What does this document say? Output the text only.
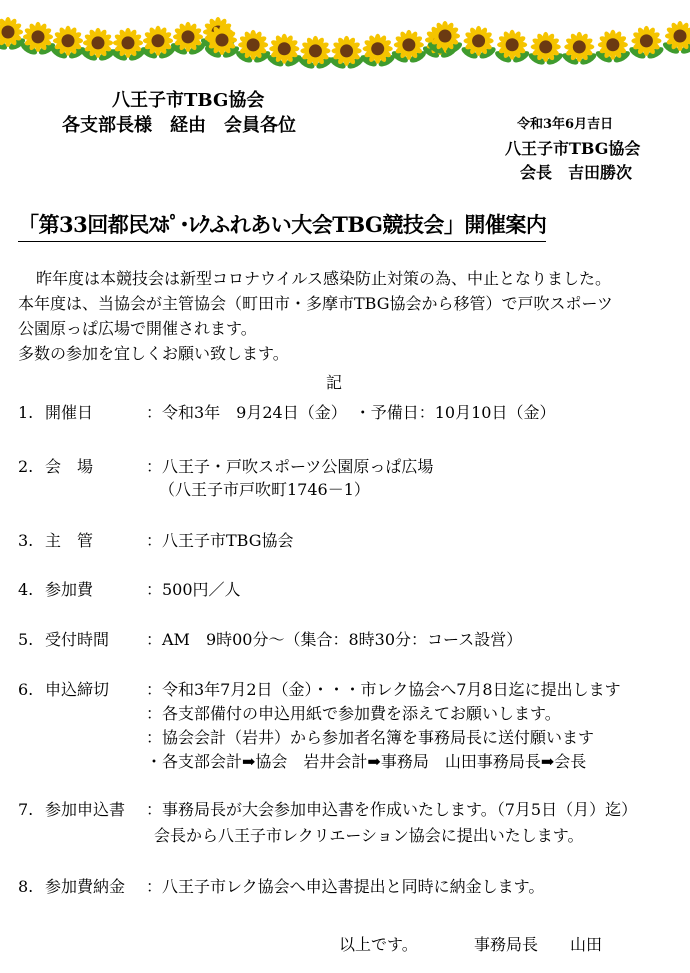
八王子市TBG協会
各支部長様　経由　会員各位	令和3年6月吉日
八王子市TBG協会
会長　吉田勝次
「第33回都民ｽﾎﾟ･ﾚｸふれあい大会TBG競技会」開催案内
昨年度は本競技会は新型コロナウイルス感染防止対策の為、中止となりました。
本年度は、当協会が主管協会（町田市・多摩市TBG協会から移管）で戸吹スポーツ
公園原っぱ広場で開催されます。
多数の参加を宜しくお願い致します。
記
1. 開催日	：令和3年　9月24日（金）　・予備日：10月10日（金）
2. 会　場	：八王子・戸吹スポーツ公園原っぱ広場
（八王子市戸吹町1746－1）
3. 主　管	：八王子市TBG協会
4. 参加費	：500円／人
5. 受付時間 ：AM　9時00分～（集合：8時30分：コース設営）
6. 申込締切 ：令和3年7月2日（金）・・・市レク協会へ7月8日迄に提出します
：各支部備付の申込用紙で参加費を添えてお願いします。
：協会会計（岩井）から参加者名簿を事務局長に送付願います
・各支部会計➡協会　岩井会計➡事務局　山田事務局長➡会長
7. 参加申込書 ：事務局長が大会参加申込書を作成いたします。（7月5日（月）迄）
会長から八王子市レクリエーション協会に提出いたします。
8. 参加費納金 ：八王子市レク協会へ申込書提出と同時に納金します。
以上です。	事務局長　　山田
